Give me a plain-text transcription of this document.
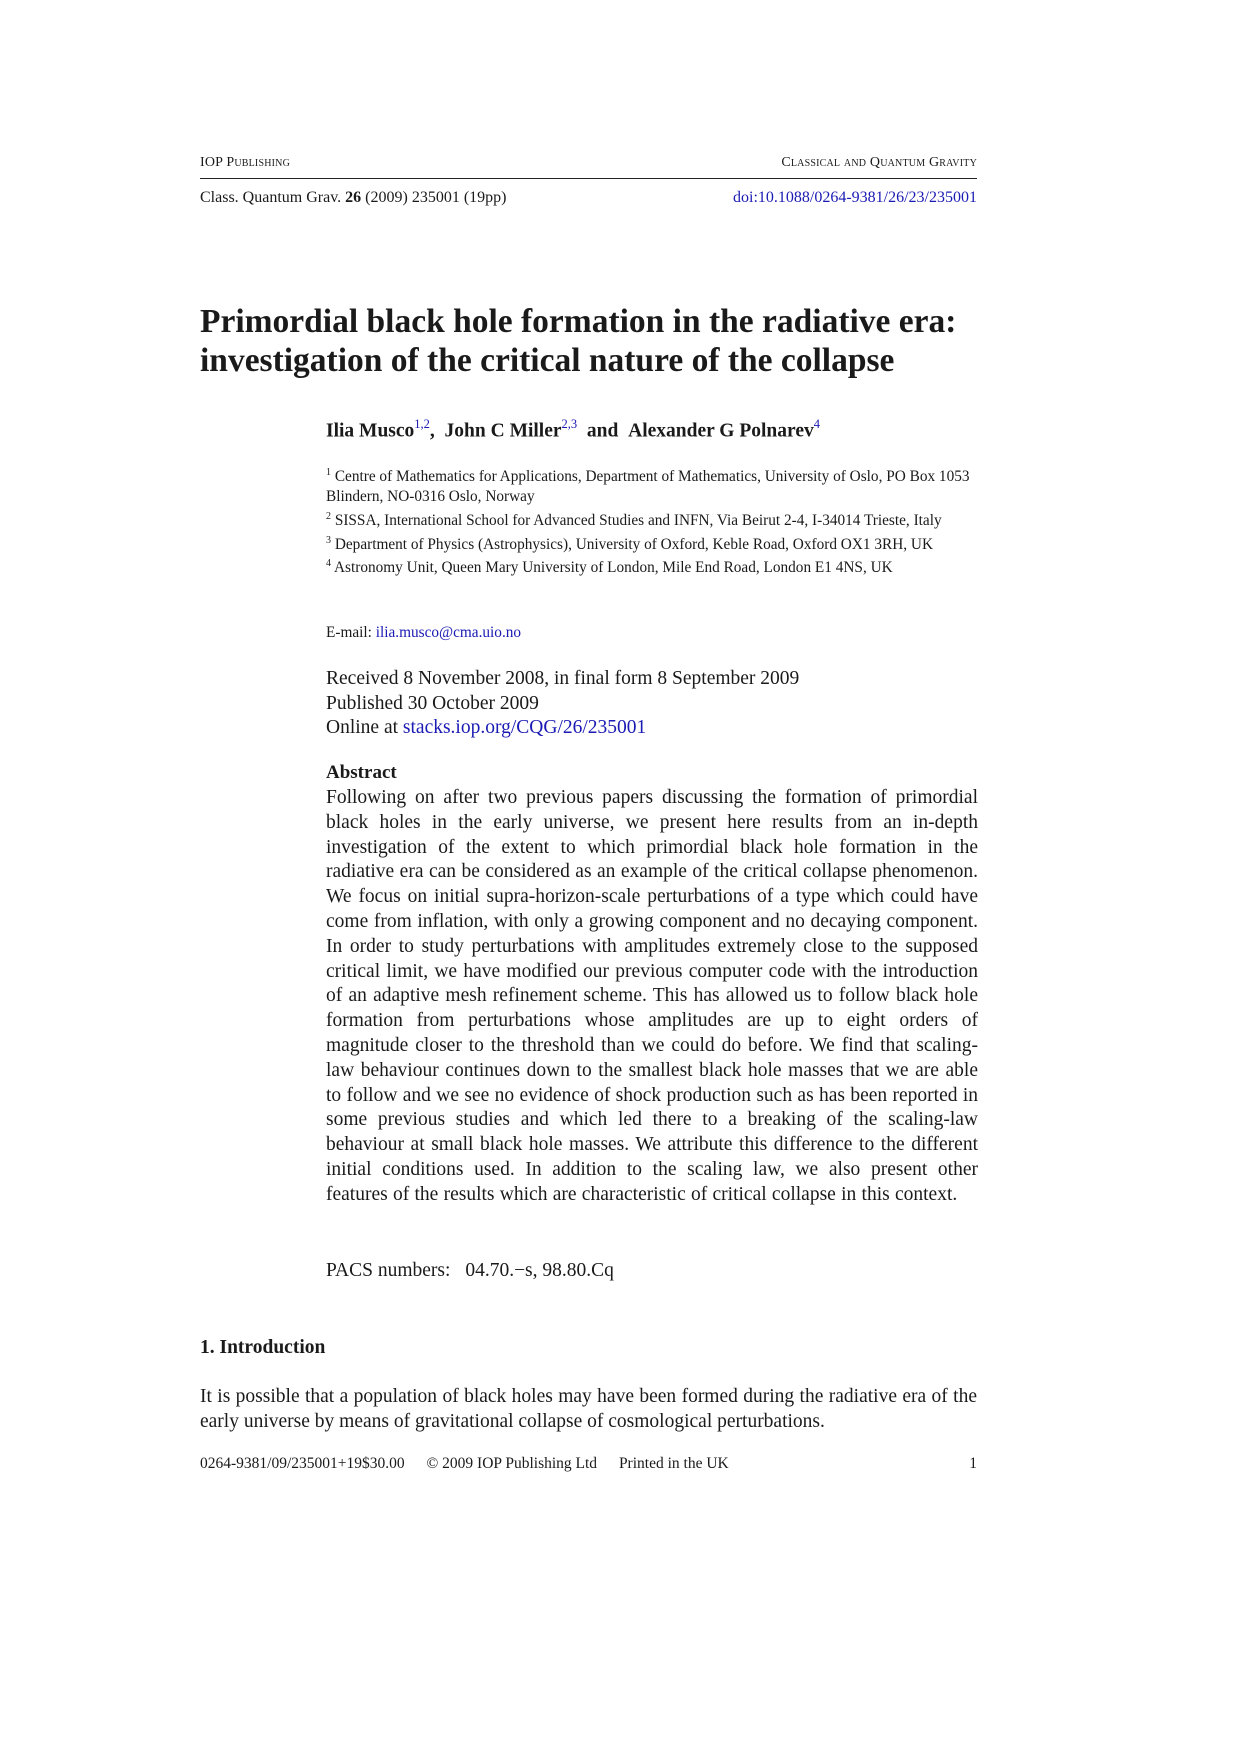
IOP Publishing	Classical and Quantum Gravity
Class. Quantum Grav. 26 (2009) 235001 (19pp)	doi:10.1088/0264-9381/26/23/235001
Primordial black hole formation in the radiative era: investigation of the critical nature of the collapse
Ilia Musco$^{1,2}$, John C Miller$^{2,3}$ and Alexander G Polnarev$^4$
$^1$ Centre of Mathematics for Applications, Department of Mathematics, University of Oslo, PO Box 1053 Blindern, NO-0316 Oslo, Norway
$^2$ SISSA, International School for Advanced Studies and INFN, Via Beirut 2-4, I-34014 Trieste, Italy
$^3$ Department of Physics (Astrophysics), University of Oxford, Keble Road, Oxford OX1 3RH, UK
$^4$ Astronomy Unit, Queen Mary University of London, Mile End Road, London E1 4NS, UK
E-mail: ilia.musco@cma.uio.no
Received 8 November 2008, in final form 8 September 2009
Published 30 October 2009
Online at stacks.iop.org/CQG/26/235001
Abstract
Following on after two previous papers discussing the formation of primordial black holes in the early universe, we present here results from an in-depth investigation of the extent to which primordial black hole formation in the radiative era can be considered as an example of the critical collapse phenomenon. We focus on initial supra-horizon-scale perturbations of a type which could have come from inflation, with only a growing component and no decaying component. In order to study perturbations with amplitudes extremely close to the supposed critical limit, we have modified our previous computer code with the introduction of an adaptive mesh refinement scheme. This has allowed us to follow black hole formation from perturbations whose amplitudes are up to eight orders of magnitude closer to the threshold than we could do before. We find that scaling-law behaviour continues down to the smallest black hole masses that we are able to follow and we see no evidence of shock production such as has been reported in some previous studies and which led there to a breaking of the scaling-law behaviour at small black hole masses. We attribute this difference to the different initial conditions used. In addition to the scaling law, we also present other features of the results which are characteristic of critical collapse in this context.
PACS numbers: 04.70.−s, 98.80.Cq
1. Introduction
It is possible that a population of black holes may have been formed during the radiative era of the early universe by means of gravitational collapse of cosmological perturbations.
0264-9381/09/235001+19$30.00 © 2009 IOP Publishing Ltd Printed in the UK	1
